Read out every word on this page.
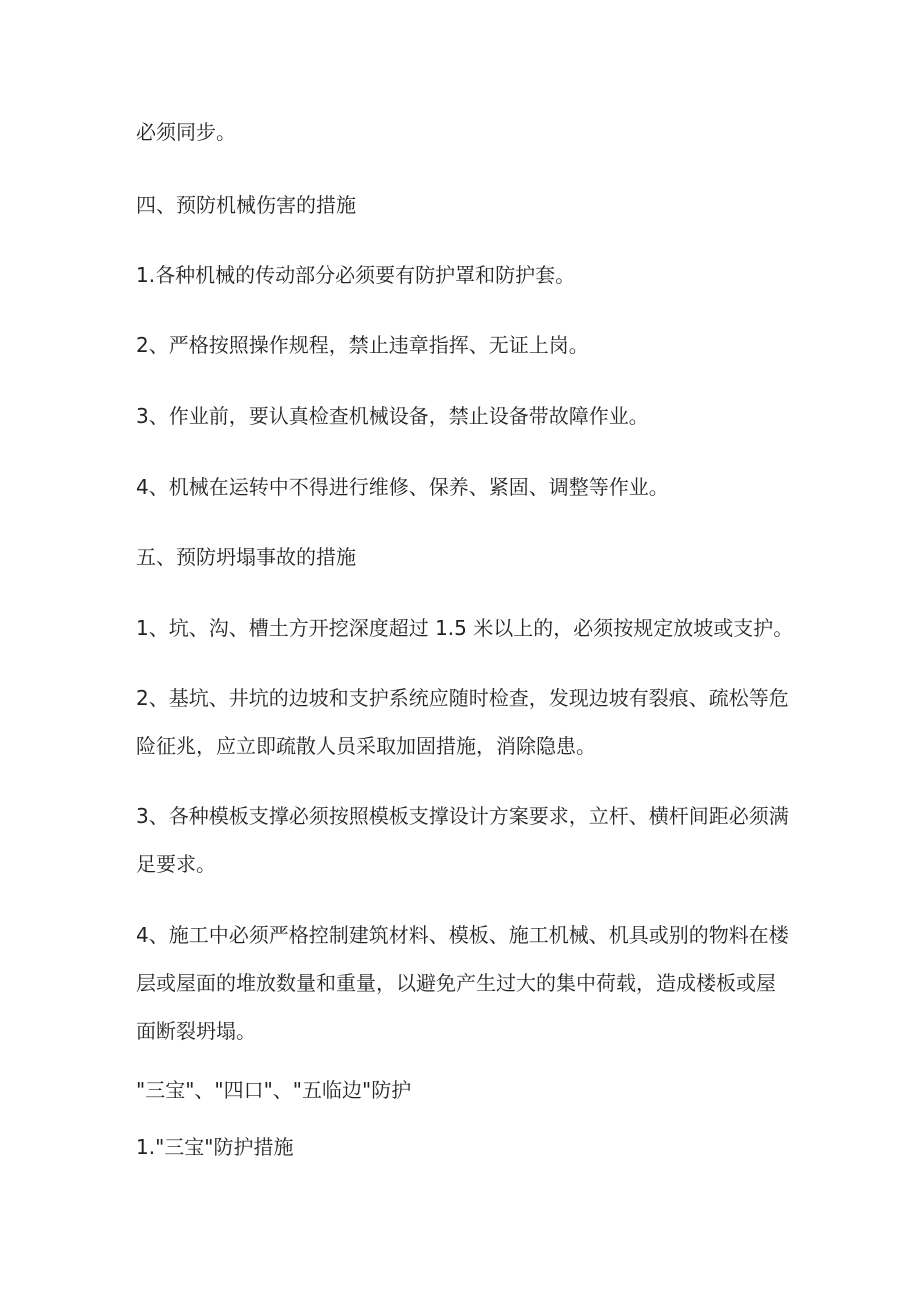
必须同步。
四、预防机械伤害的措施
1.各种机械的传动部分必须要有防护罩和防护套。
2、严格按照操作规程，禁止违章指挥、无证上岗。
3、作业前，要认真检查机械设备，禁止设备带故障作业。
4、机械在运转中不得进行维修、保养、紧固、调整等作业。
五、预防坍塌事故的措施
1、坑、沟、槽土方开挖深度超过 1.5 米以上的，必须按规定放坡或支护。
2、基坑、井坑的边坡和支护系统应随时检查，发现边坡有裂痕、疏松等危
险征兆，应立即疏散人员采取加固措施，消除隐患。
3、各种模板支撑必须按照模板支撑设计方案要求，立杆、横杆间距必须满
足要求。
4、施工中必须严格控制建筑材料、模板、施工机械、机具或别的物料在楼
层或屋面的堆放数量和重量，以避免产生过大的集中荷载，造成楼板或屋
面断裂坍塌。
"三宝"、"四口"、"五临边"防护
1."三宝"防护措施
